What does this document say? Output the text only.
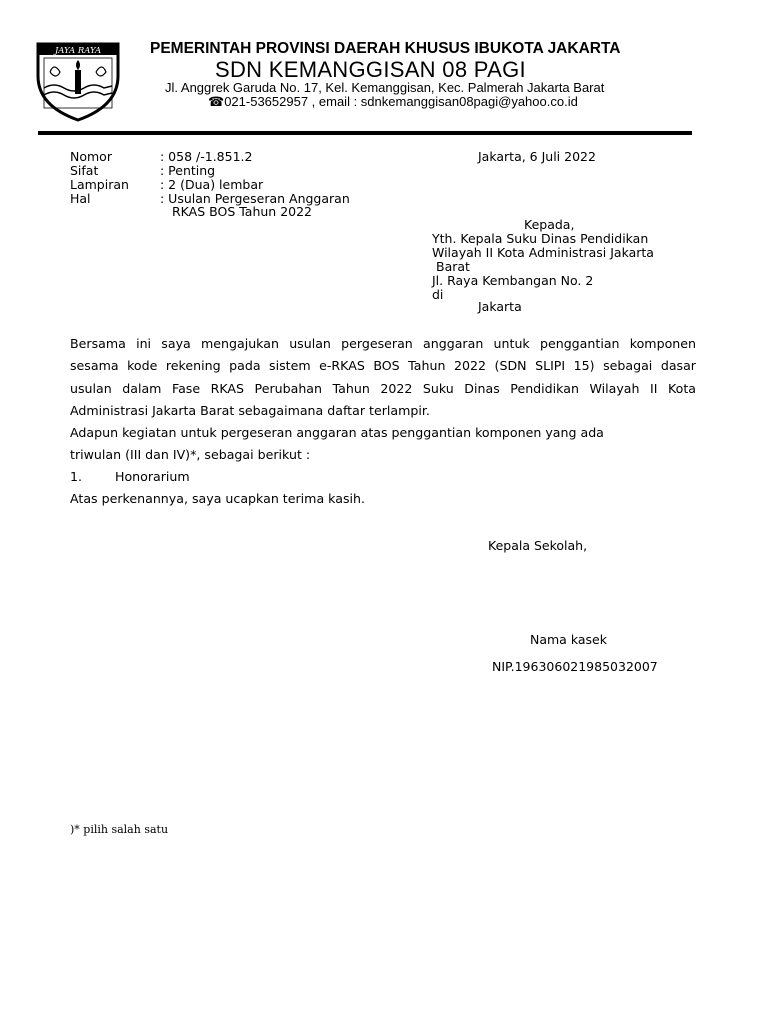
JAYA RAYA	PEMERINTAH PROVINSI DAERAH KHUSUS IBUKOTA JAKARTA
SDN KEMANGGISAN 08 PAGI
Jl. Anggrek Garuda No. 17, Kel. Kemanggisan, Kec. Palmerah Jakarta Barat
☎021-53652957 , email : sdnkemanggisan08pagi@yahoo.co.id
Nomor	: 058 /-1.851.2
Sifat	: Penting
Lampiran : 2 (Dua) lembar
Hal	: Usulan Pergeseran Anggaran
RKAS BOS Tahun 2022
Jakarta, 6 Juli 2022
Kepada,
Yth. Kepala Suku Dinas Pendidikan
Wilayah II Kota Administrasi Jakarta
Barat
Jl. Raya Kembangan No. 2
di
Jakarta
Bersama ini saya mengajukan usulan pergeseran anggaran untuk penggantian komponen
sesama kode rekening pada sistem e-RKAS BOS Tahun 2022 (SDN SLIPI 15) sebagai dasar
usulan dalam Fase RKAS Perubahan Tahun 2022 Suku Dinas Pendidikan Wilayah II Kota
Administrasi Jakarta Barat sebagaimana daftar terlampir.
Adapun kegiatan untuk pergeseran anggaran atas penggantian komponen yang ada
triwulan (III dan IV)*, sebagai berikut :
1.	Honorarium
Atas perkenannya, saya ucapkan terima kasih.
Kepala Sekolah,
Nama kasek
NIP.196306021985032007
)* pilih salah satu
